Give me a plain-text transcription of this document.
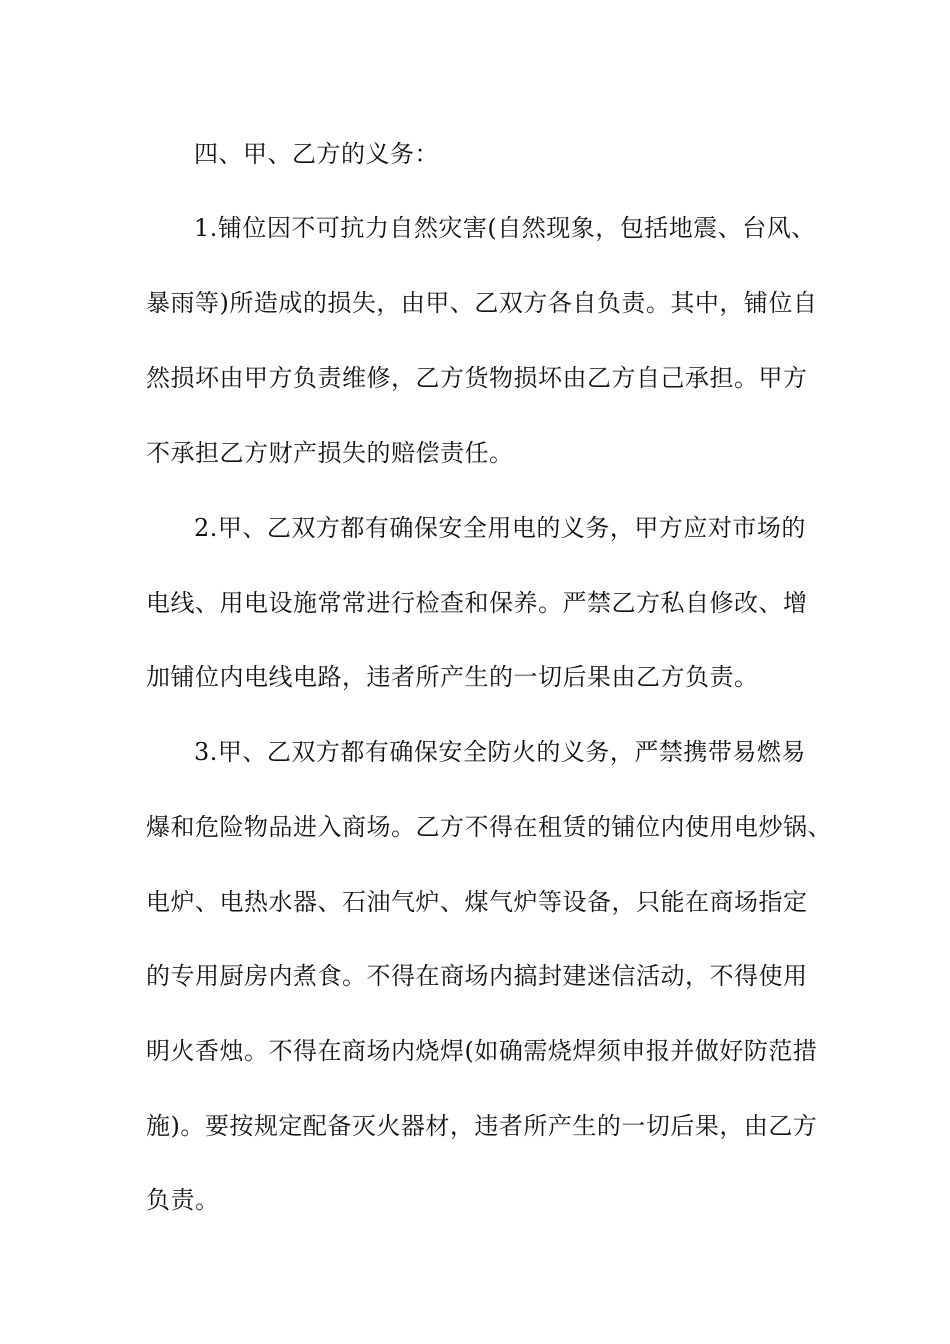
四、甲、乙方的义务：
1.铺位因不可抗力自然灾害(自然现象，包括地震、台风、
暴雨等)所造成的损失，由甲、乙双方各自负责。其中，铺位自
然损坏由甲方负责维修，乙方货物损坏由乙方自己承担。甲方
不承担乙方财产损失的赔偿责任。
2.甲、乙双方都有确保安全用电的义务，甲方应对市场的
电线、用电设施常常进行检查和保养。严禁乙方私自修改、增
加铺位内电线电路，违者所产生的一切后果由乙方负责。
3.甲、乙双方都有确保安全防火的义务，严禁携带易燃易
爆和危险物品进入商场。乙方不得在租赁的铺位内使用电炒锅、
电炉、电热水器、石油气炉、煤气炉等设备，只能在商场指定
的专用厨房内煮食。不得在商场内搞封建迷信活动，不得使用
明火香烛。不得在商场内烧焊(如确需烧焊须申报并做好防范措
施)。要按规定配备灭火器材，违者所产生的一切后果，由乙方
负责。
